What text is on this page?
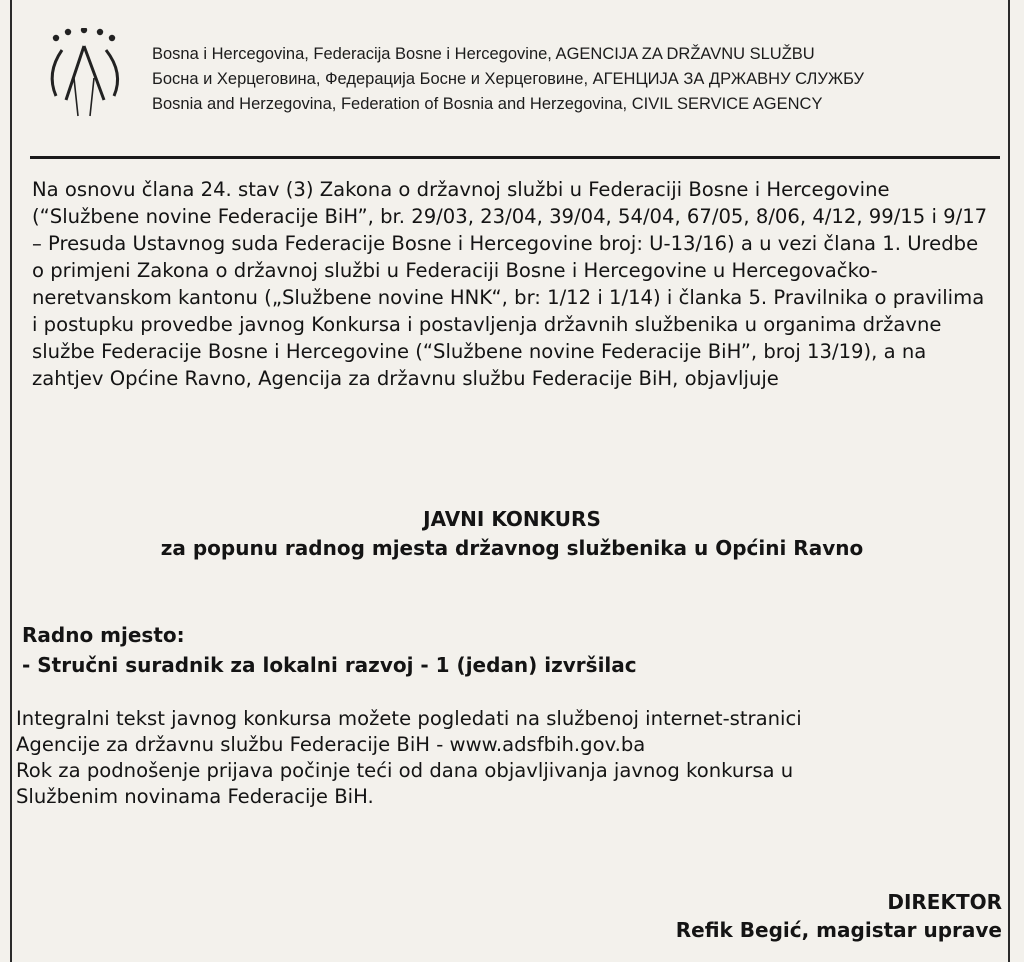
Bosna i Hercegovina, Federacija Bosne i Hercegovine, AGENCIJA ZA DRŽAVNU SLUŽBU
Босна и Херцеговина, Федерација Босне и Херцеговине, АГЕНЦИЈА ЗА ДРЖАВНУ СЛУЖБУ
Bosnia and Herzegovina, Federation of Bosnia and Herzegovina, CIVIL SERVICE AGENCY

Na osnovu člana 24. stav (3) Zakona o državnoj službi u Federaciji Bosne i Hercegovine (“Službene novine Federacije BiH”, br. 29/03, 23/04, 39/04, 54/04, 67/05, 8/06, 4/12, 99/15 i 9/17 – Presuda Ustavnog suda Federacije Bosne i Hercegovine broj: U-13/16) a u vezi člana 1. Uredbe o primjeni Zakona o državnoj službi u Federaciji Bosne i Hercegovine u Hercegovačko-neretvanskom kantonu („Službene novine HNK“, br: 1/12 i 1/14) i članka 5. Pravilnika o pravilima i postupku provedbe javnog Konkursa i postavljenja državnih službenika u organima državne službe Federacije Bosne i Hercegovine (“Službene novine Federacije BiH”, broj 13/19), a na zahtjev Općine Ravno, Agencija za državnu službu Federacije BiH, objavljuje

JAVNI KONKURS

za popunu radnog mjesta državnog službenika u Općini Ravno

Radno mjesto:

- Stručni suradnik za lokalni razvoj - 1 (jedan) izvršilac

Integralni tekst javnog konkursa možete pogledati na službenoj internet-stranici
Agencije za državnu službu Federacije BiH - www.adsfbih.gov.ba
Rok za podnošenje prijava počinje teći od dana objavljivanja javnog konkursa u
Službenim novinama Federacije BiH.

DIREKTOR

Refik Begić, magistar uprave
